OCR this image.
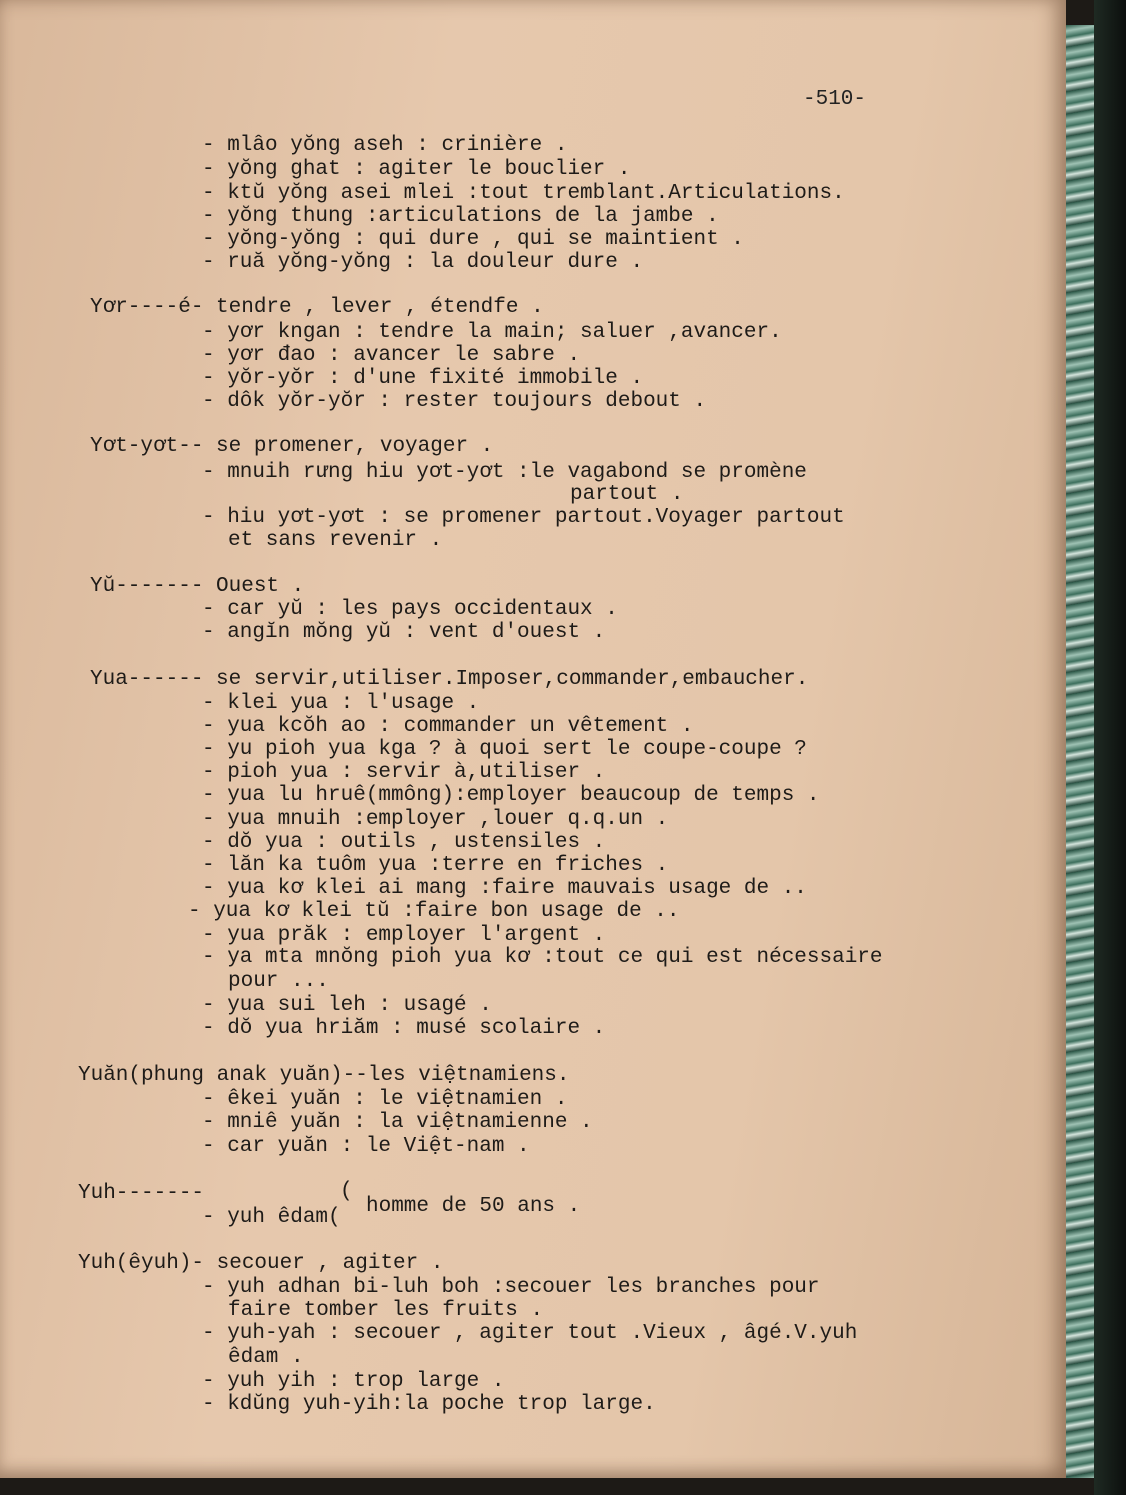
-510-

- mlâo yŏng aseh : crinière .

- yŏng ghat : agiter le bouclier .

- ktŭ yŏng asei mlei :tout tremblant.Articulations.

- yŏng thung :articulations de la jambe .

- yŏng-yŏng : qui dure , qui se maintient .

- ruă yŏng-yŏng : la douleur dure .

Yơr----é- tendre , lever , étendfe .

- yơr kngan : tendre la main; saluer ,avancer.

- yơr đao : avancer le sabre .

- yŏr-yŏr : d'une fixité immobile .

- dôk yŏr-yŏr : rester toujours debout .

Yơt-yơt-- se promener, voyager .

- mnuih rưng hiu yơt-yơt :le vagabond se promène

partout .

- hiu yơt-yơt : se promener partout.Voyager partout

et sans revenir .

Yŭ------- Ouest .

- car yŭ : les pays occidentaux .

- angĭn mŏng yŭ : vent d'ouest .

Yua------ se servir,utiliser.Imposer,commander,embaucher.

- klei yua : l'usage .

- yua kcŏh ao : commander un vêtement .

- yu pioh yua kga ? à quoi sert le coupe-coupe ?

- pioh yua : servir à,utiliser .

- yua lu hruê(mmông):employer beaucoup de temps .

- yua mnuih :employer ,louer q.q.un .

- dŏ yua : outils , ustensiles .

- lăn ka tuôm yua :terre en friches .

- yua kơ klei ai mang :faire mauvais usage de ..

- yua kơ klei tŭ :faire bon usage de ..

- yua prăk : employer l'argent .

- ya mta mnŏng pioh yua kơ :tout ce qui est nécessaire

pour ...

- yua sui leh : usagé .

- dŏ yua hriăm : musé scolaire .

Yuăn(phung anak yuăn)--les việtnamiens.

- êkei yuăn : le việtnamien .

- mniê yuăn : la việtnamienne .

- car yuăn : le Việt-nam .

Yuh-------	(

- yuh êdam( homme de 50 ans .

Yuh(êyuh)- secouer , agiter .

- yuh adhan bi-luh boh :secouer les branches pour

faire tomber les fruits .

- yuh-yah : secouer , agiter tout .Vieux , âgé.V.yuh

êdam .

- yuh yih : trop large .

- kdŭng yuh-yih:la poche trop large.
